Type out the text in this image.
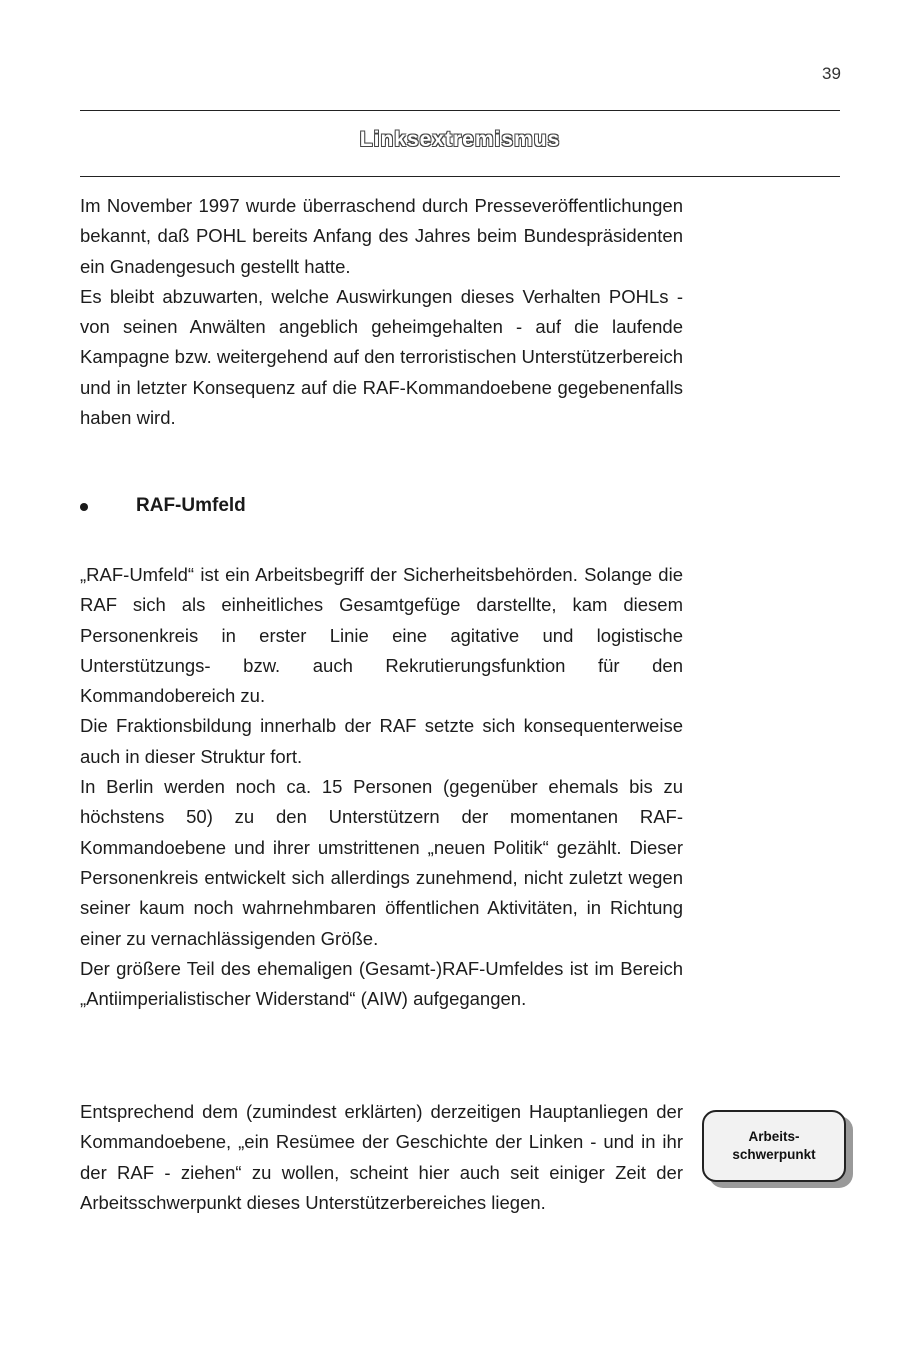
39
Linksextremismus
Im November 1997 wurde überraschend durch Presseveröffentlichungen bekannt, daß POHL bereits Anfang des Jahres beim Bundespräsidenten ein Gnadengesuch gestellt hatte.
Es bleibt abzuwarten, welche Auswirkungen dieses Verhalten POHLs - von seinen Anwälten angeblich geheimgehalten - auf die laufende Kampagne bzw. weitergehend auf den terroristischen Unterstützerbereich und in letzter Konsequenz auf die RAF-Kommandoebene gegebenenfalls haben wird.
RAF-Umfeld
„RAF-Umfeld“ ist ein Arbeitsbegriff der Sicherheitsbehörden. Solange die RAF sich als einheitliches Gesamtgefüge darstellte, kam diesem Personenkreis in erster Linie eine agitative und logistische Unterstützungs- bzw. auch Rekrutierungsfunktion für den Kommandobereich zu.
Die Fraktionsbildung innerhalb der RAF setzte sich konsequenterweise auch in dieser Struktur fort.
In Berlin werden noch ca. 15 Personen (gegenüber ehemals bis zu höchstens 50) zu den Unterstützern der momentanen RAF-Kommandoebene und ihrer umstrittenen „neuen Politik“ gezählt. Dieser Personenkreis entwickelt sich allerdings zunehmend, nicht zuletzt wegen seiner kaum noch wahrnehmbaren öffentlichen Aktivitäten, in Richtung einer zu vernachlässigenden Größe.
Der größere Teil des ehemaligen (Gesamt-)RAF-Umfeldes ist im Bereich „Antiimperialistischer Widerstand“ (AIW) aufgegangen.
Entsprechend dem (zumindest erklärten) derzeitigen Hauptanliegen der Kommandoebene, „ein Resümee der Geschichte der Linken - und in ihr der RAF - ziehen“ zu wollen, scheint hier auch seit einiger Zeit der Arbeitsschwerpunkt dieses Unterstützerbereiches liegen.
Arbeits-
schwerpunkt
